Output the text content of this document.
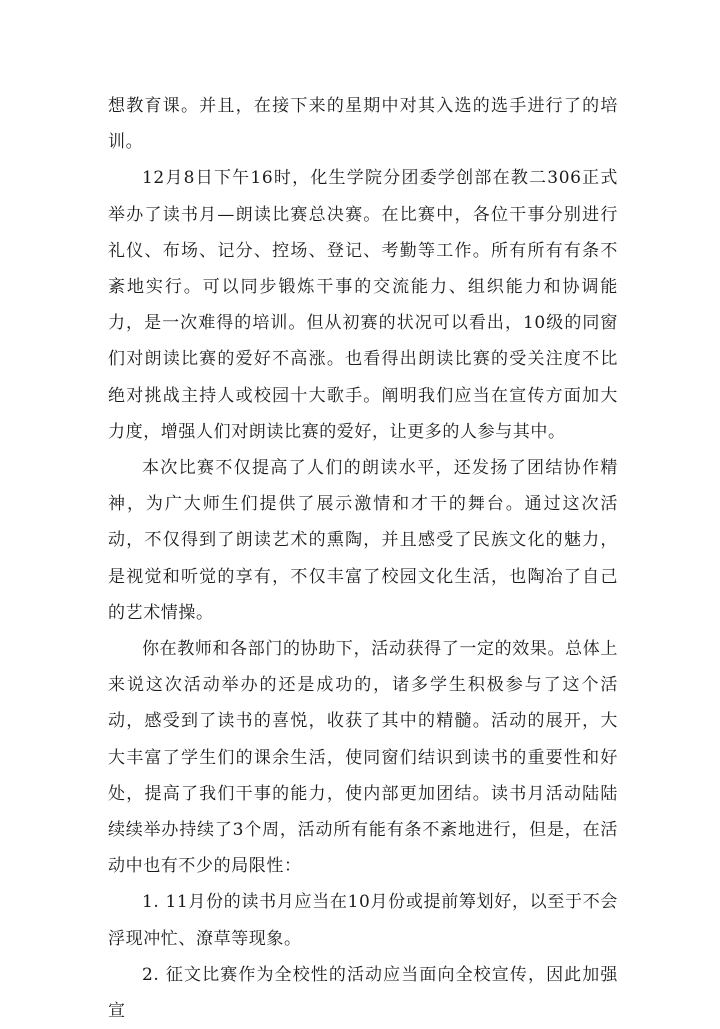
想教育课。并且，在接下来的星期中对其入选的选手进行了的培训。

12月8日下午16时，化生学院分团委学创部在教二306正式举办了读书月—朗读比赛总决赛。在比赛中，各位干事分别进行礼仪、布场、记分、控场、登记、考勤等工作。所有所有有条不紊地实行。可以同步锻炼干事的交流能力、组织能力和协调能力，是一次难得的培训。但从初赛的状况可以看出，10级的同窗们对朗读比赛的爱好不高涨。也看得出朗读比赛的受关注度不比绝对挑战主持人或校园十大歌手。阐明我们应当在宣传方面加大力度，增强人们对朗读比赛的爱好，让更多的人参与其中。

本次比赛不仅提高了人们的朗读水平，还发扬了团结协作精神，为广大师生们提供了展示激情和才干的舞台。通过这次活动，不仅得到了朗读艺术的熏陶，并且感受了民族文化的魅力，是视觉和听觉的享有，不仅丰富了校园文化生活，也陶冶了自己的艺术情操。

你在教师和各部门的协助下，活动获得了一定的效果。总体上来说这次活动举办的还是成功的，诸多学生积极参与了这个活动，感受到了读书的喜悦，收获了其中的精髓。活动的展开，大大丰富了学生们的课余生活，使同窗们结识到读书的重要性和好处，提高了我们干事的能力，使内部更加团结。读书月活动陆陆续续举办持续了3个周，活动所有能有条不紊地进行，但是，在活动中也有不少的局限性：

1. 11月份的读书月应当在10月份或提前筹划好，以至于不会浮现冲忙、潦草等现象。

2. 征文比赛作为全校性的活动应当面向全校宣传，因此加强宣
